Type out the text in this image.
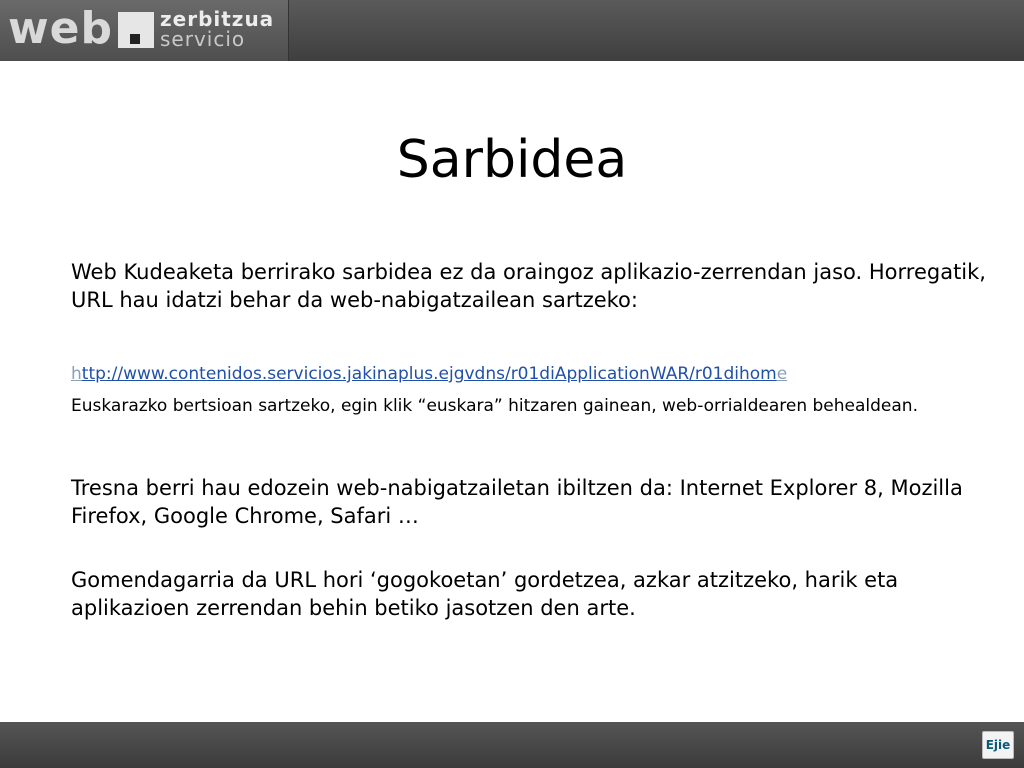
web zerbitzua
servicio
Sarbidea

Web Kudeaketa berrirako sarbidea ez da oraingoz aplikazio-zerrendan jaso. Horregatik, URL hau idatzi behar da web-nabigatzailean sartzeko:

http://www.contenidos.servicios.jakinaplus.ejgvdns/r01diApplicationWAR/r01dihome

Euskarazko bertsioan sartzeko, egin klik “euskara” hitzaren gainean, web-orrialdearen behealdean.

Tresna berri hau edozein web-nabigatzailetan ibiltzen da: Internet Explorer 8, Mozilla Firefox, Google Chrome, Safari …

Gomendagarria da URL hori ‘gogokoetan’ gordetzea, azkar atzitzeko, harik eta aplikazioen zerrendan behin betiko jasotzen den arte.

Ejie
